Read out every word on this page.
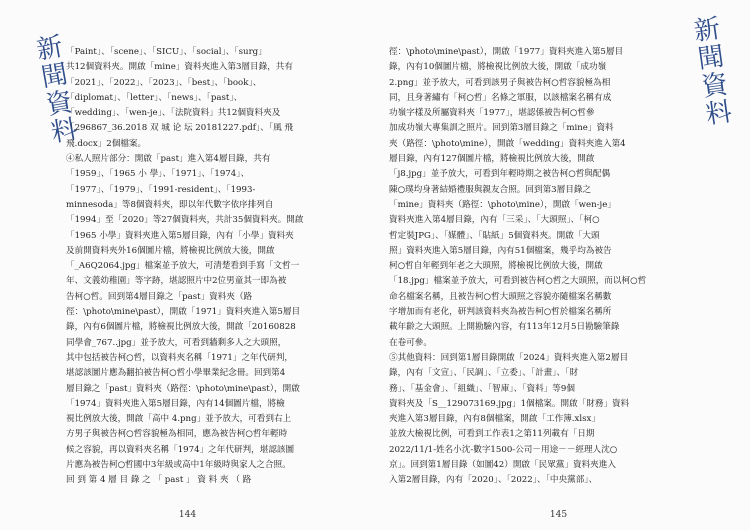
新
聞
資
料
「Paint」、「scene」、「SICU」、「social」、「surg」
共12個資料夾。開啟「mine」資料夾進入第3層目錄，共有
「2021」、「2022」、「2023」、「best」、「book」、
「diplomat」、「letter」、「news」、「past」、
「wedding」、「wen-je」、「法院資料」共12個資料夾及
「296867_36.2018 双 城 论 坛 20181227.pdf」、「風 飛
飛.docx」2個檔案。
④私人照片部分：開啟「past」進入第4層目錄，共有
「1959」、「1965 小 學」、「1971」、「1974」、
「1977」、「1979」、「1991-resident」、「1993-
minnesoda」等8個資料夾，即以年代數字依序排列自
「1994」至「2020」等27個資料夾，共計35個資料夾。開啟
「1965 小學」資料夾進入第5層目錄，內有「小學」資料夾
及前開資料夾外16個圖片檔，將檢視比例放大後，開啟
「_A6Q2064.jpg」檔案並予放大，可清楚看到手寫「文哲一
年、文義幼稚園」等字跡，堪認照片中2位男童其一即為被
告柯○哲。回到第4層目錄之「past」資料夾（路
徑：\photo\mine\past），開啟「1971」資料夾進入第5層目
錄，內有6個圖片檔，將檢視比例放大後，開啟「20160828
同學會_767..jpg」並予放大，可看到牆剩多人之大頭照，
其中包括被告柯○哲，以資料夾名稱「1971」之年代研判，
堪認該圖片應為翻拍被告柯○哲小學畢業紀念冊。回到第4
層目錄之「past」資料夾（路徑：\photo\mine\past），開啟
「1974」資料夾進入第5層目錄，內有14個圖片檔，將檢
視比例放大後，開啟「高中 4.png」並予放大，可看到右上
方男子與被告柯○哲容貌極為相同，應為被告柯○哲年輕時
候之容貌，再以資料夾名稱「1974」之年代研判，堪認該圖
片應為被告柯○哲國中3年級或高中1年級時與家人之合照。
回 到 第 4 層 目 錄 之 「 past 」 資 料 夾 （ 路
144
徑：\photo\mine\past），開啟「1977」資料夾進入第5層目
錄，內有10個圖片檔，將檢視比例放大後，開啟「成功嶺
2.png」並予放大，可看到該男子與被告柯○哲容貌極為相
同，且身著繡有「柯○哲」名條之軍服，以該檔案名稱有成
功嶺字樣及所屬資料夾「1977」，堪認係被告柯○哲參
加成功嶺大專集訓之照片。回到第3層目錄之「mine」資料
夾（路徑：\photo\mine），開啟「wedding」資料夾進入第4
層目錄，內有127個圖片檔，將檢視比例放大後，開啟
「j8.jpg」並予放大，可看到年輕時期之被告柯○哲與配偶
陳○璞均身著結婚禮服與親友合照。回到第3層目錄之
「mine」資料夾（路徑：\photo\mine），開啟「wen-je」
資料夾進入第4層目錄，內有「三采」、「大頭照」、「柯○
哲定裝JPG」、「媒體」、「貼紙」5個資料夾。開啟「大頭
照」資料夾進入第5層目錄，內有51個檔案，幾乎均為被告
柯○哲自年輕到年老之大頭照，將檢視比例放大後，開啟
「18.jpg」檔案並予放大，可看到被告柯○哲之大頭照，而以柯○哲
命名檔案名稱，且被告柯○哲大頭照之容貌亦隨檔案名稱數
字增加而有老化，研判該資料夾為被告柯○哲於檔案名稱所
載年齡之大頭照。上開勘驗內容，有113年12月5日勘驗筆錄
在卷可參。
⑤其他資料：回到第1層目錄開啟「2024」資料夾進入第2層目
錄，內有「文宣」、「民調」、「立委」、「計畫」、「財
務」、「基金會」、「組織」、「智庫」、「資料」等9個
資料夾及「S__129073169.jpg」1個檔案。開啟「財務」資料
夾進入第3層目錄，內有8個檔案，開啟「工作簿.xlsx」
並放大檢視比例，可看到工作表1之第11列載有「日期
2022/11/1-姓名小沈-數字1500-公司－用途－－經理人沈○
京」。回到第1層目錄（如圖42）開啟「民眾黨」資料夾進入
入第2層目錄，內有「2020」、「2022」、「中央黨部」、
新
聞
資
料
145
